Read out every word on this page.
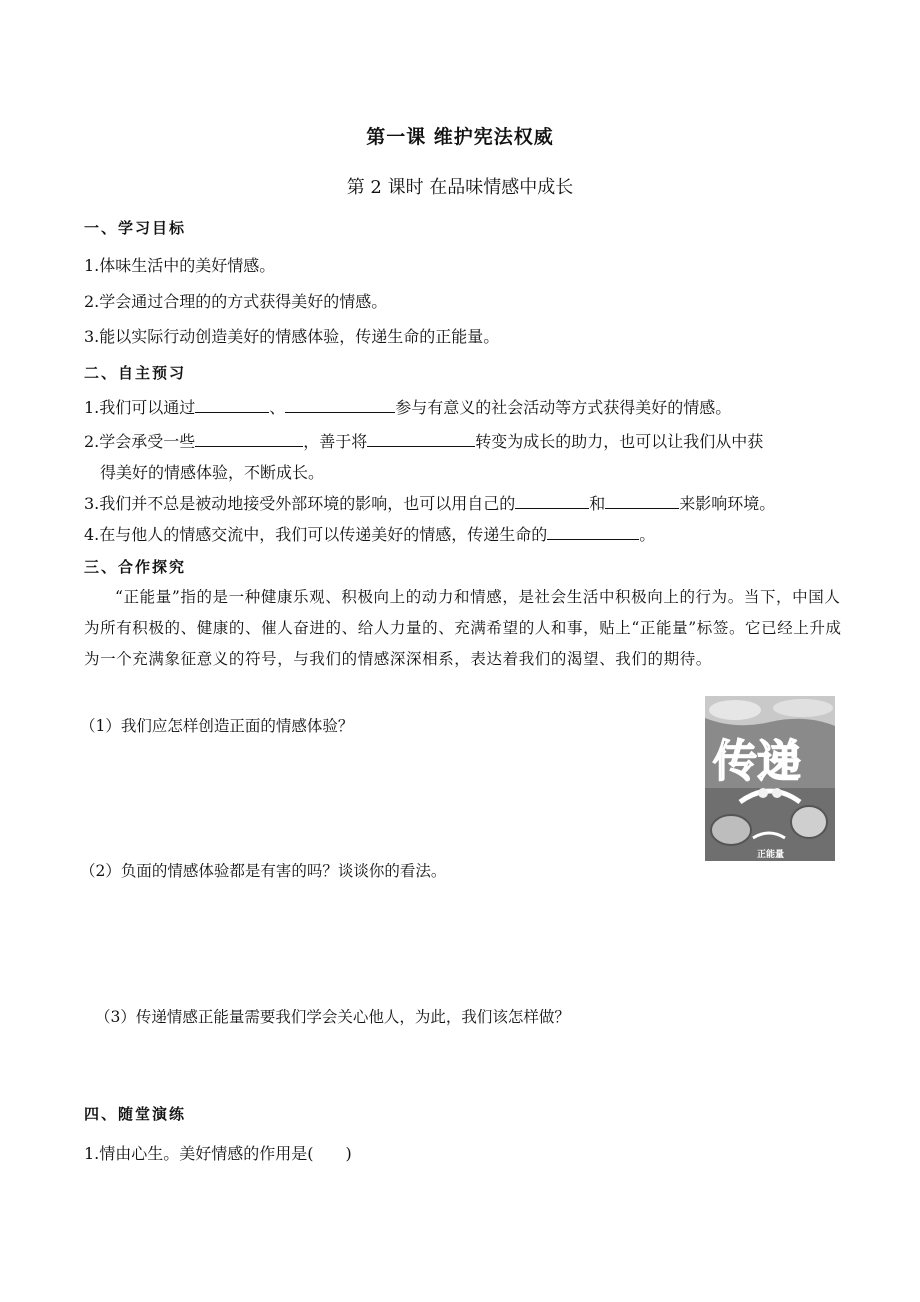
第一课 维护宪法权威
第 2 课时 在品味情感中成长
一、学习目标
1.体味生活中的美好情感。
2.学会通过合理的的方式获得美好的情感。
3.能以实际行动创造美好的情感体验，传递生命的正能量。
二、自主预习
1.我们可以通过	、	参与有意义的社会活动等方式获得美好的情感。
2.学会承受一些	，善于将	转变为成长的助力，也可以让我们从中获
得美好的情感体验，不断成长。
3.我们并不总是被动地接受外部环境的影响，也可以用自己的	和	来影响环境。
4.在与他人的情感交流中，我们可以传递美好的情感，传递生命的	。
三、合作探究
“正能量”指的是一种健康乐观、积极向上的动力和情感，是社会生活中积极向上的行为。当下，中国人为所有积极的、健康的、催人奋进的、给人力量的、充满希望的人和事，贴上“正能量”标签。它已经上升成为一个充满象征意义的符号，与我们的情感深深相系，表达着我们的渴望、我们的期待。
（1）我们应怎样创造正面的情感体验？
（2）负面的情感体验都是有害的吗？谈谈你的看法。
（3）传递情感正能量需要我们学会关心他人，为此，我们该怎样做？
传递
正能量
四、随堂演练
1.情由心生。美好情感的作用是(　　)
